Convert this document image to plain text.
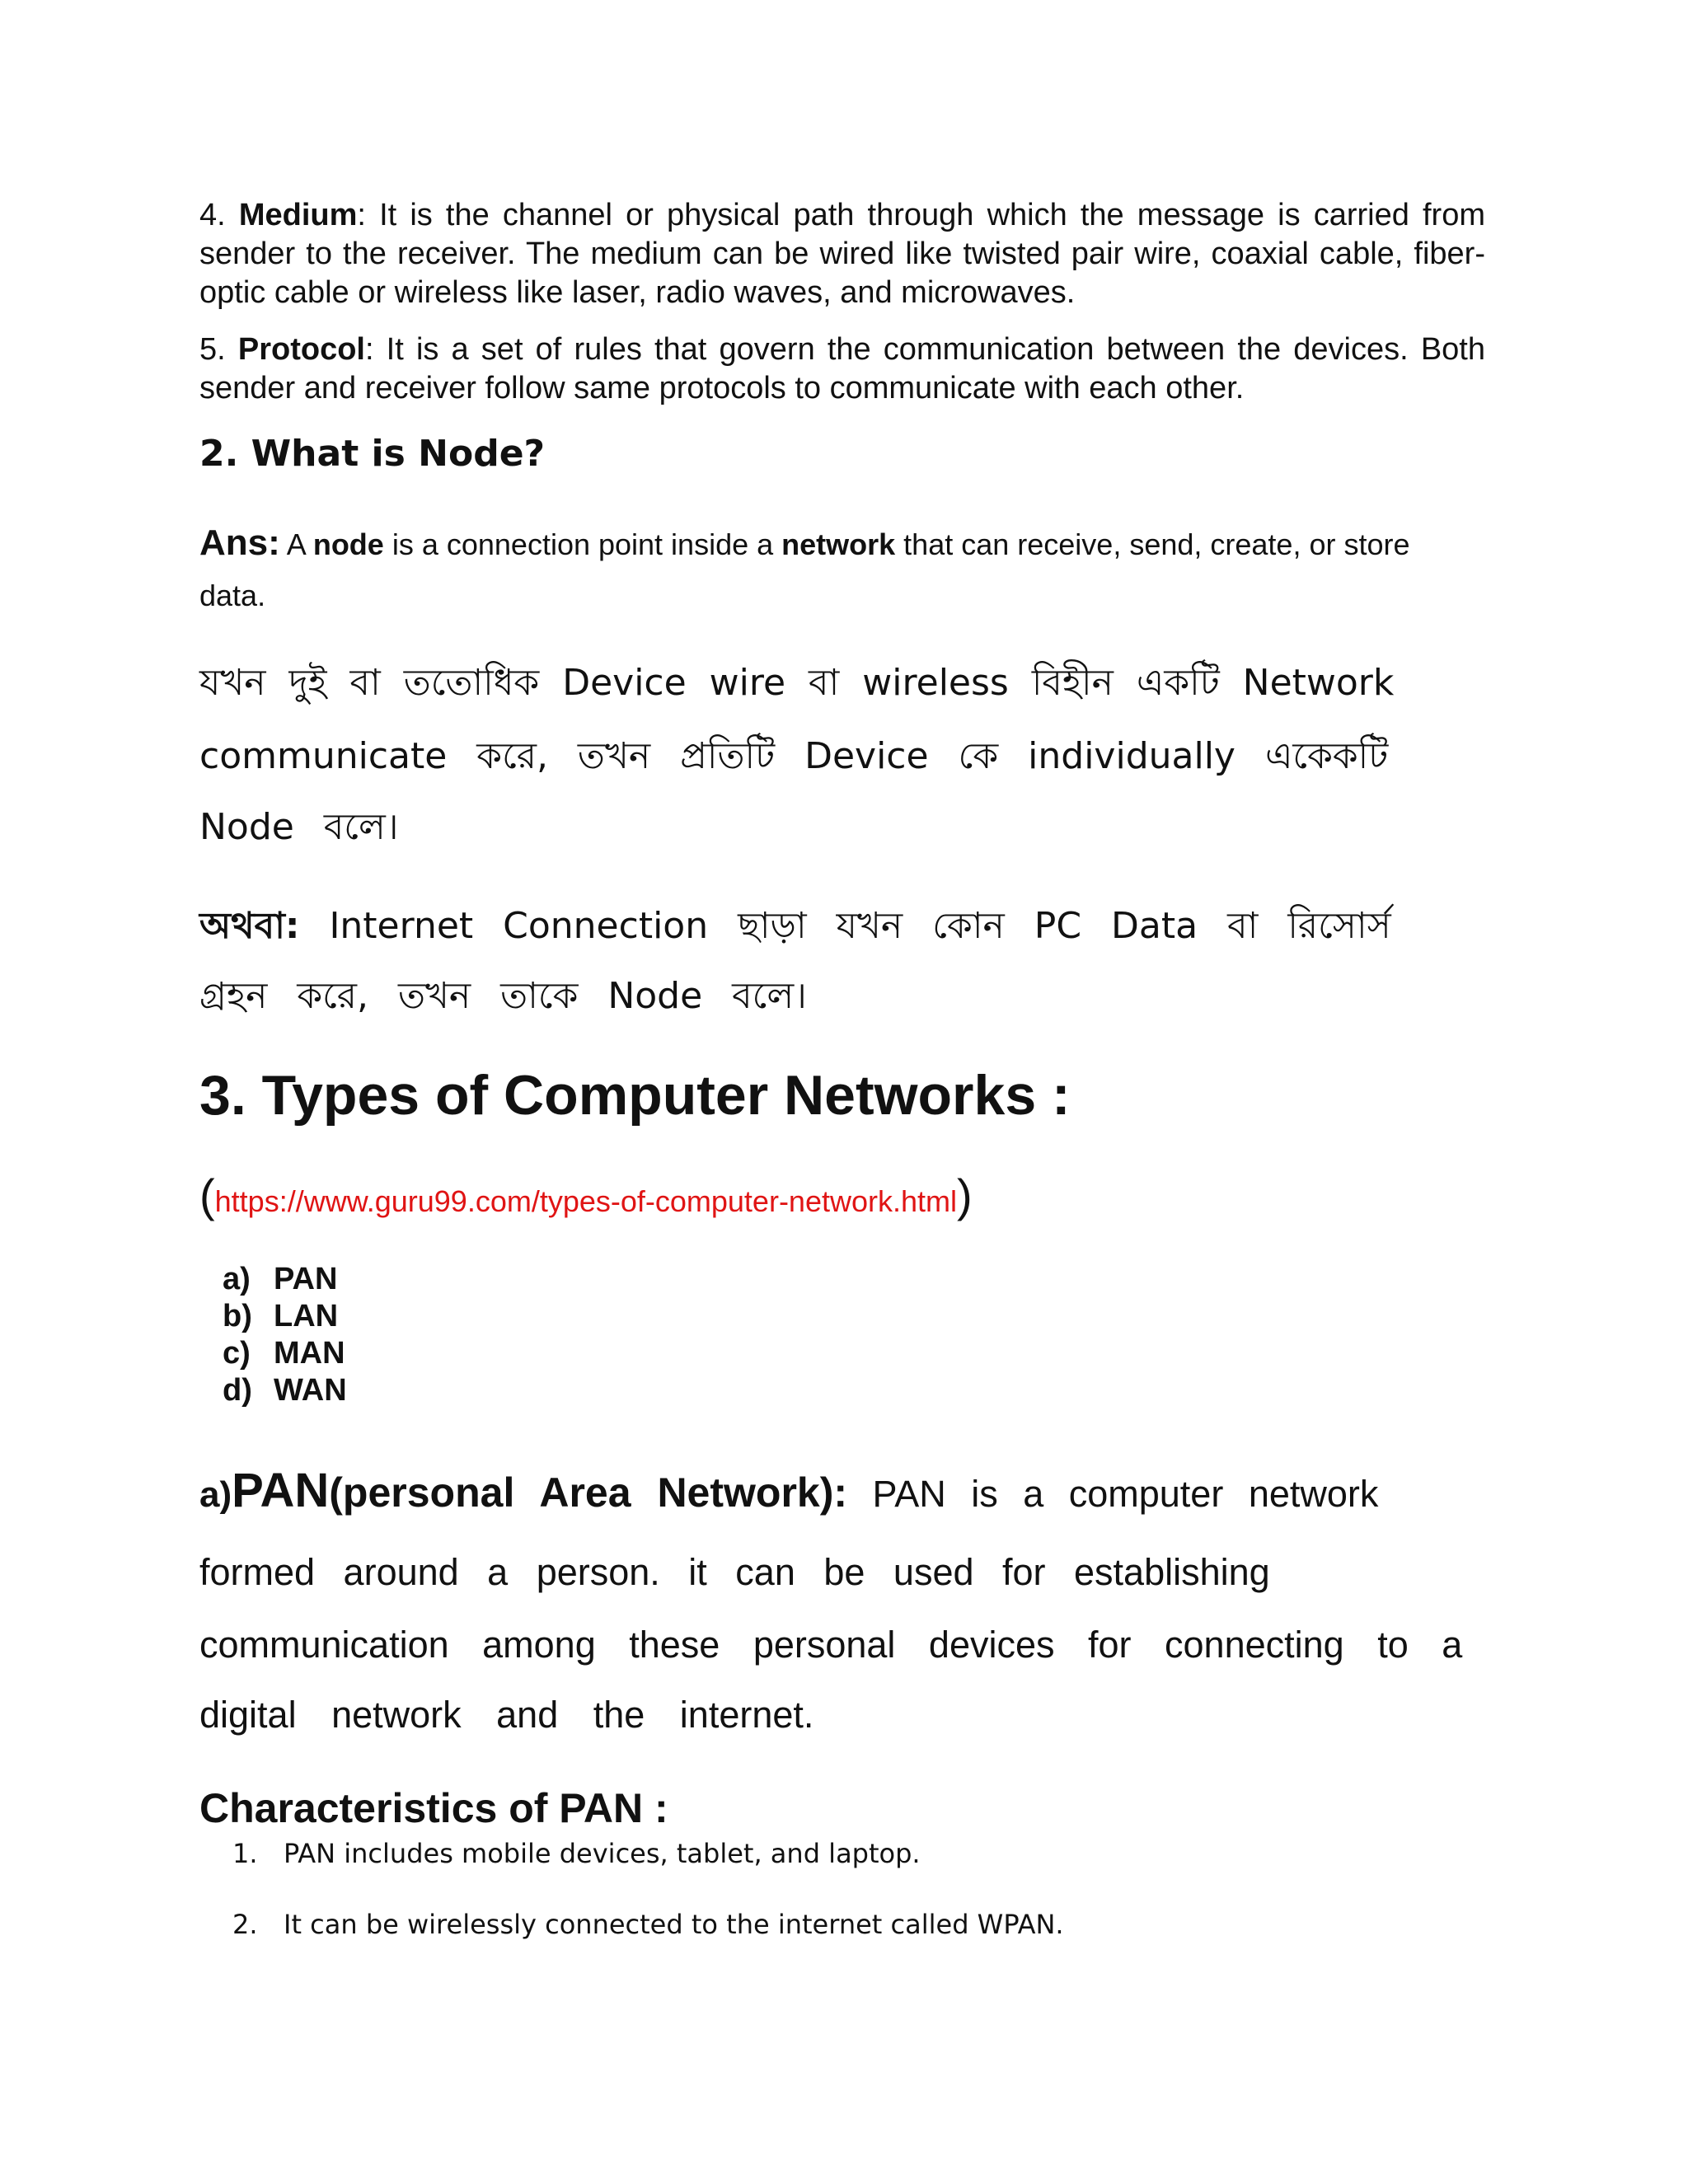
4. Medium: It is the channel or physical path through which the message is carried from sender to the receiver. The medium can be wired like twisted pair wire, coaxial cable, fiber-optic cable or wireless like laser, radio waves, and microwaves.
5. Protocol: It is a set of rules that govern the communication between the devices. Both sender and receiver follow same protocols to communicate with each other.
2. What is Node?
Ans: A node is a connection point inside a network that can receive, send, create, or store data.
যখন দুই বা ততোধিক Device wire বা wireless বিহীন একটি Network
communicate করে, তখন প্রতিটি Device কে individually একেকটি
Node বলে।
অথবা: Internet Connection ছাড়া যখন কোন PC Data বা রিসোর্স
গ্রহন করে, তখন তাকে Node বলে।
3. Types of Computer Networks :
(https://www.guru99.com/types-of-computer-network.html)
a) PAN
b) LAN
c) MAN
d) WAN
a)PAN(personal Area Network): PAN is a computer network
formed around a person. it can be used for establishing
communication among these personal devices for connecting to a
digital network and the internet.
Characteristics of PAN :
1. PAN includes mobile devices, tablet, and laptop.
2. It can be wirelessly connected to the internet called WPAN.
